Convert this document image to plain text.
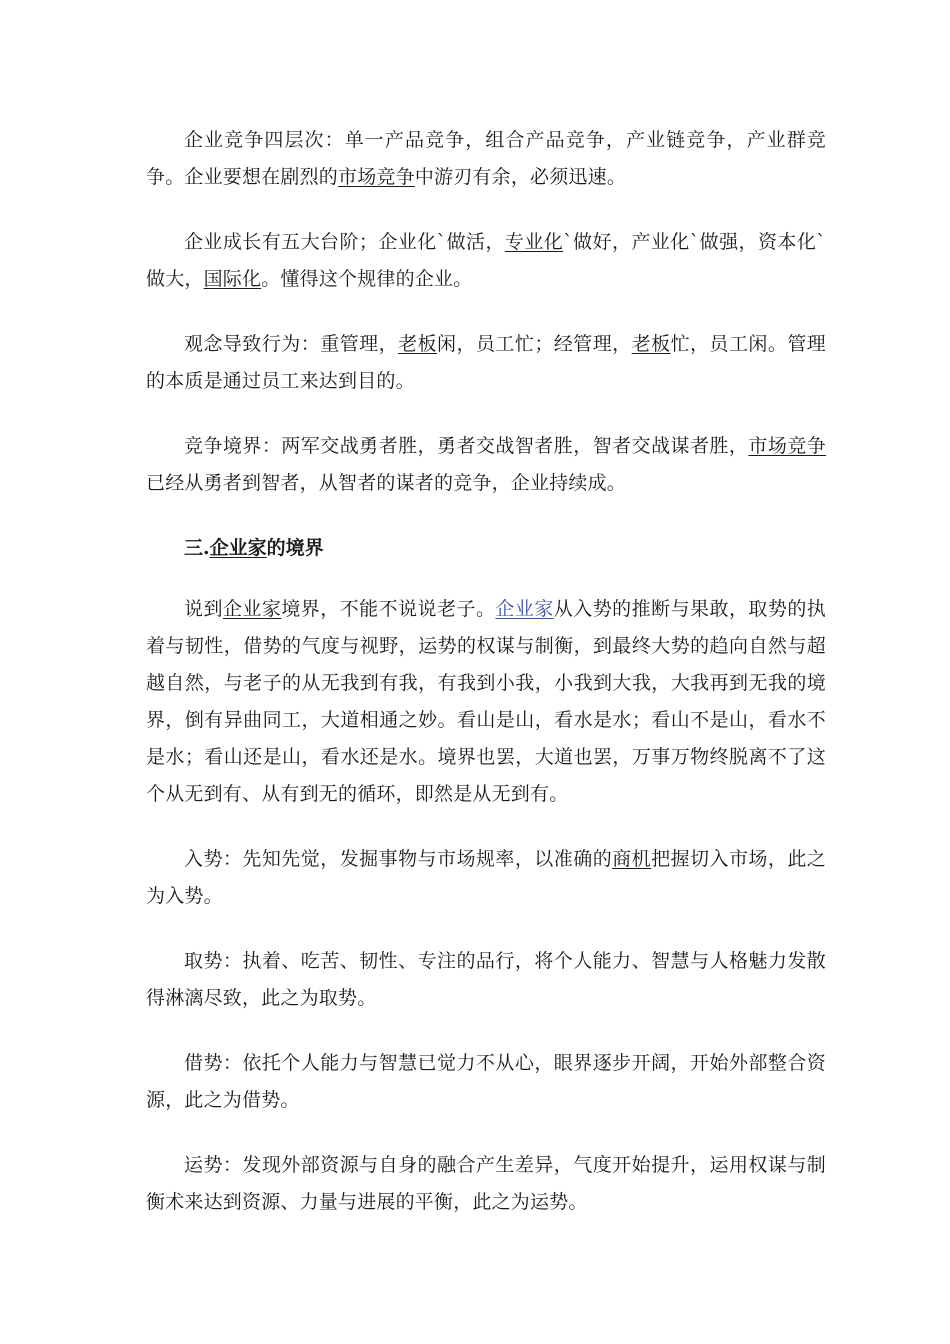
企业竞争四层次：单一产品竞争，组合产品竞争，产业链竞争，产业群竞争。企业要想在剧烈的市场竞争中游刃有余，必须迅速。

企业成长有五大台阶；企业化`做活，专业化`做好，产业化`做强，资本化`做大，国际化。懂得这个规律的企业。

观念导致行为：重管理，老板闲，员工忙；经管理，老板忙，员工闲。管理的本质是通过员工来达到目的。

竞争境界：两军交战勇者胜，勇者交战智者胜，智者交战谋者胜，市场竞争已经从勇者到智者，从智者的谋者的竞争，企业持续成。

三.企业家的境界

说到企业家境界，不能不说说老子。企业家从入势的推断与果敢，取势的执着与韧性，借势的气度与视野，运势的权谋与制衡，到最终大势的趋向自然与超越自然，与老子的从无我到有我，有我到小我，小我到大我，大我再到无我的境界，倒有异曲同工，大道相通之妙。看山是山，看水是水；看山不是山，看水不是水；看山还是山，看水还是水。境界也罢，大道也罢，万事万物终脱离不了这个从无到有、从有到无的循环，即然是从无到有。

入势：先知先觉，发掘事物与市场规率，以准确的商机把握切入市场，此之为入势。

取势：执着、吃苦、韧性、专注的品行，将个人能力、智慧与人格魅力发散得淋漓尽致，此之为取势。

借势：依托个人能力与智慧已觉力不从心，眼界逐步开阔，开始外部整合资源，此之为借势。

运势：发现外部资源与自身的融合产生差异，气度开始提升，运用权谋与制衡术来达到资源、力量与进展的平衡，此之为运势。
